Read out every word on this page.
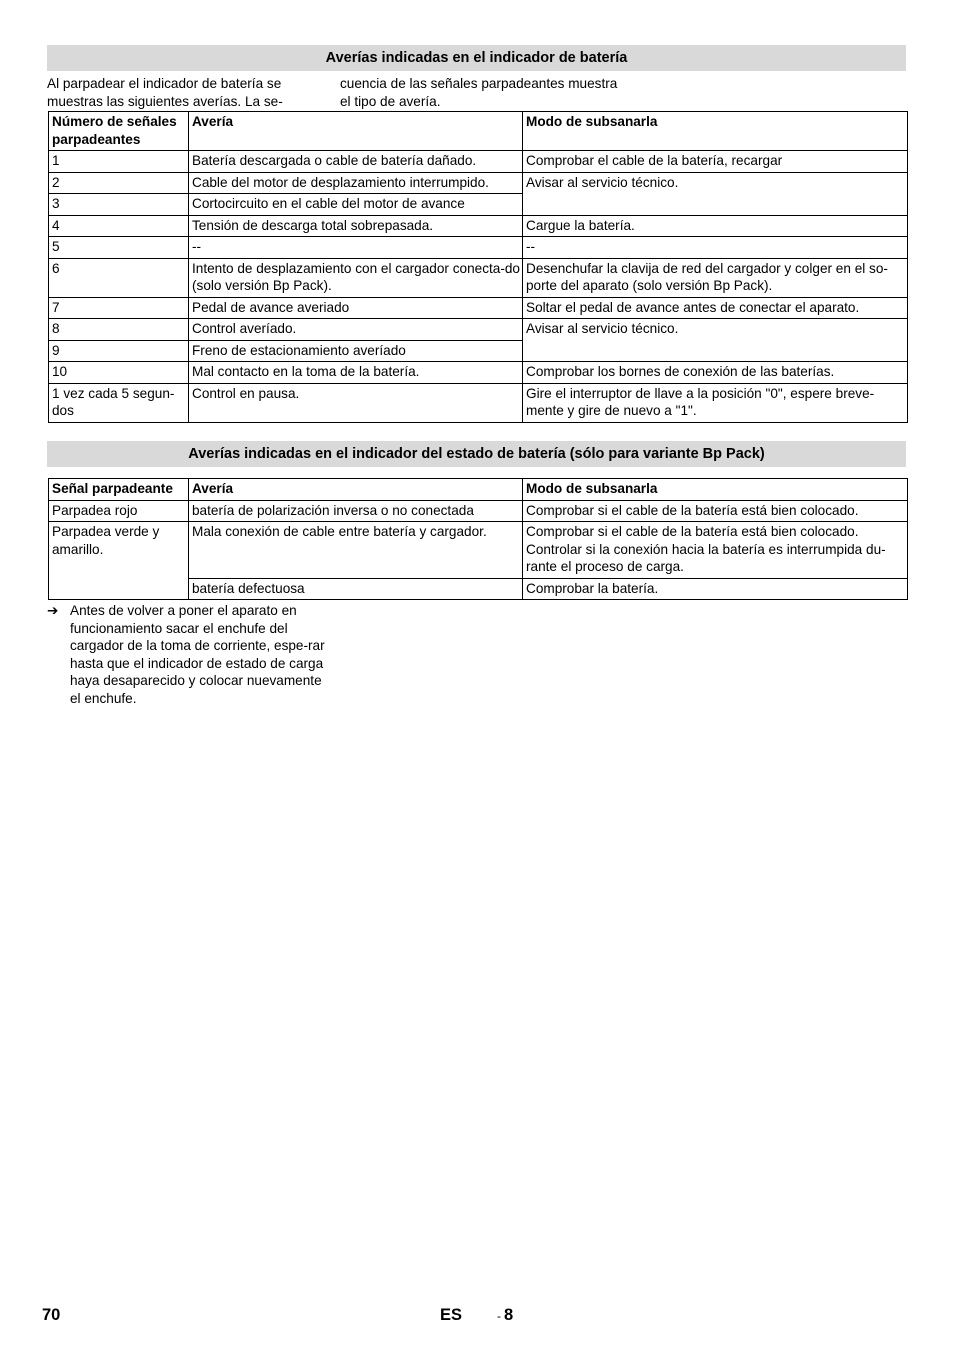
Averías indicadas en el indicador de batería
Al parpadear el indicador de batería se muestras las siguientes averías. La se-
cuencia de las señales parpadeantes muestra el tipo de avería.
Número de señales parpadeantes	Avería	Modo de subsanarla
1	Batería descargada o cable de batería dañado.	Comprobar el cable de la batería, recargar
2	Cable del motor de desplazamiento interrumpido.	Avisar al servicio técnico.
3	Cortocircuito en el cable del motor de avance	
4	Tensión de descarga total sobrepasada.	Cargue la batería.
5	--	--
6	Intento de desplazamiento con el cargador conecta-do (solo versión Bp Pack).	Desenchufar la clavija de red del cargador y colger en el so-porte del aparato (solo versión Bp Pack).
7	Pedal de avance averiado	Soltar el pedal de avance antes de conectar el aparato.
8	Control averíado.	Avisar al servicio técnico.
9	Freno de estacionamiento averíado	
10	Mal contacto en la toma de la batería.	Comprobar los bornes de conexión de las baterías.
1 vez cada 5 segun-dos	Control en pausa.	Gire el interruptor de llave a la posición "0", espere breve-mente y gire de nuevo a "1".
Averías indicadas en el indicador del estado de batería (sólo para variante Bp Pack)
Señal parpadeante	Avería	Modo de subsanarla
Parpadea rojo	batería de polarización inversa o no conectada	Comprobar si el cable de la batería está bien colocado.
Parpadea verde y amarillo.	Mala conexión de cable entre batería y cargador.	Comprobar si el cable de la batería está bien colocado. Controlar si la conexión hacia la batería es interrumpida du-rante el proceso de carga.
	batería defectuosa	Comprobar la batería.
➔ Antes de volver a poner el aparato en funcionamiento sacar el enchufe del cargador de la toma de corriente, espe-rar hasta que el indicador de estado de carga haya desaparecido y colocar nuevamente el enchufe.
70	ES	- 8
